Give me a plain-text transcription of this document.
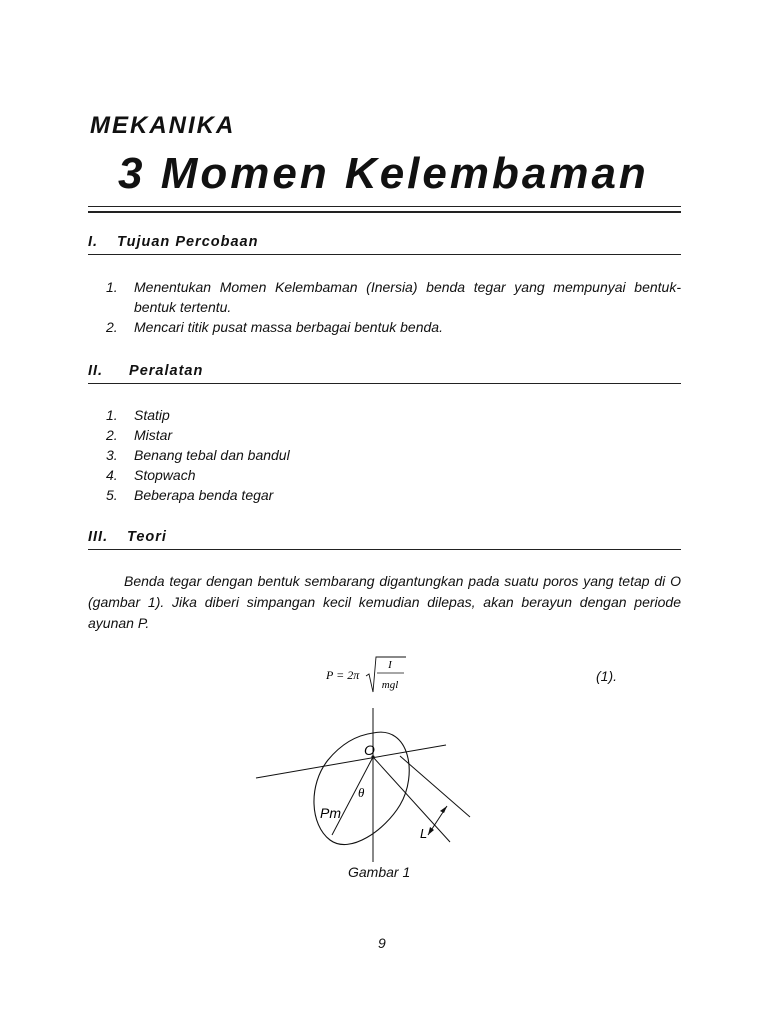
MEKANIKA
3 Momen Kelembaman
I. Tujuan Percobaan
1.	Menentukan Momen Kelembaman (Inersia) benda tegar yang mempunyai bentuk-bentuk tertentu.
2.	Mencari titik pusat massa berbagai bentuk benda.
II. Peralatan
1.	Statip
2.	Mistar
3.	Benang tebal dan bandul
4.	Stopwach
5.	Beberapa benda tegar
III. Teori
Benda tegar dengan bentuk sembarang digantungkan pada suatu poros yang tetap di O (gambar 1). Jika diberi simpangan kecil kemudian dilepas, akan berayun dengan periode ayunan P.
P = 2π
I
mgl
(1).
O
θ
Pm
L
Gambar 1
9
